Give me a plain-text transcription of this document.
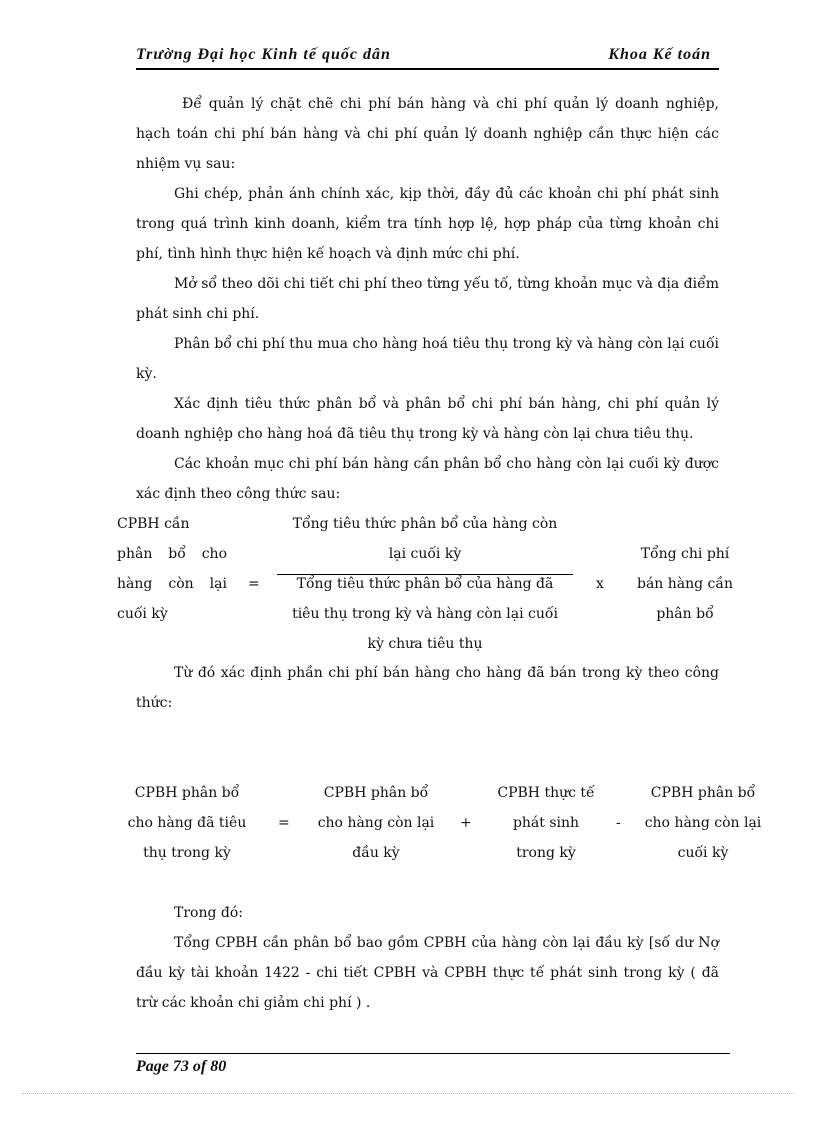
Trường Đại học Kinh tế quốc dân	Khoa Kế toán

Để quản lý chặt chẽ chi phí bán hàng và chi phí quản lý doanh nghiệp, hạch toán chi phí bán hàng và chi phí quản lý doanh nghiệp cần thực hiện các nhiệm vụ sau:

Ghi chép, phản ánh chính xác, kịp thời, đầy đủ các khoản chi phí phát sinh trong quá trình kinh doanh, kiểm tra tính hợp lệ, hợp pháp của từng khoản chi phí, tình hình thực hiện kế hoạch và định mức chi phí.

Mở sổ theo dõi chi tiết chi phí theo từng yếu tố, từng khoản mục và địa điểm phát sinh chi phí.

Phân bổ chi phí thu mua cho hàng hoá tiêu thụ trong kỳ và hàng còn lại cuối kỳ.

Xác định tiêu thức phân bổ và phân bổ chi phí bán hàng, chi phí quản lý doanh nghiệp cho hàng hoá đã tiêu thụ trong kỳ và hàng còn lại chưa tiêu thụ.

Các khoản mục chi phí bán hàng cần phân bổ cho hàng còn lại cuối kỳ được xác định theo công thức sau:

CPBH cần
phân bổ cho
hàng còn lại
cuối kỳ
=
Tổng tiêu thức phân bổ của hàng còn
lại cuối kỳ
Tổng tiêu thức phân bổ của hàng đã
tiêu thụ trong kỳ và hàng còn lại cuối
kỳ chưa tiêu thụ
x
Tổng chi phí
bán hàng cần
phân bổ

Từ đó xác định phần chi phí bán hàng cho hàng đã bán trong kỳ theo công thức:

CPBH phân bổ
cho hàng đã tiêu
thụ trong kỳ
=
CPBH phân bổ
cho hàng còn lại
đầu kỳ
+
CPBH thực tế
phát sinh
trong kỳ
-
CPBH phân bổ
cho hàng còn lại
cuối kỳ

Trong đó:

Tổng CPBH cần phân bổ bao gồm CPBH của hàng còn lại đầu kỳ [số dư Nợ đầu kỳ tài khoản 1422 - chi tiết CPBH và CPBH thực tế phát sinh trong kỳ ( đã trừ các khoản chi giảm chi phí ) .

Page 73 of 80
